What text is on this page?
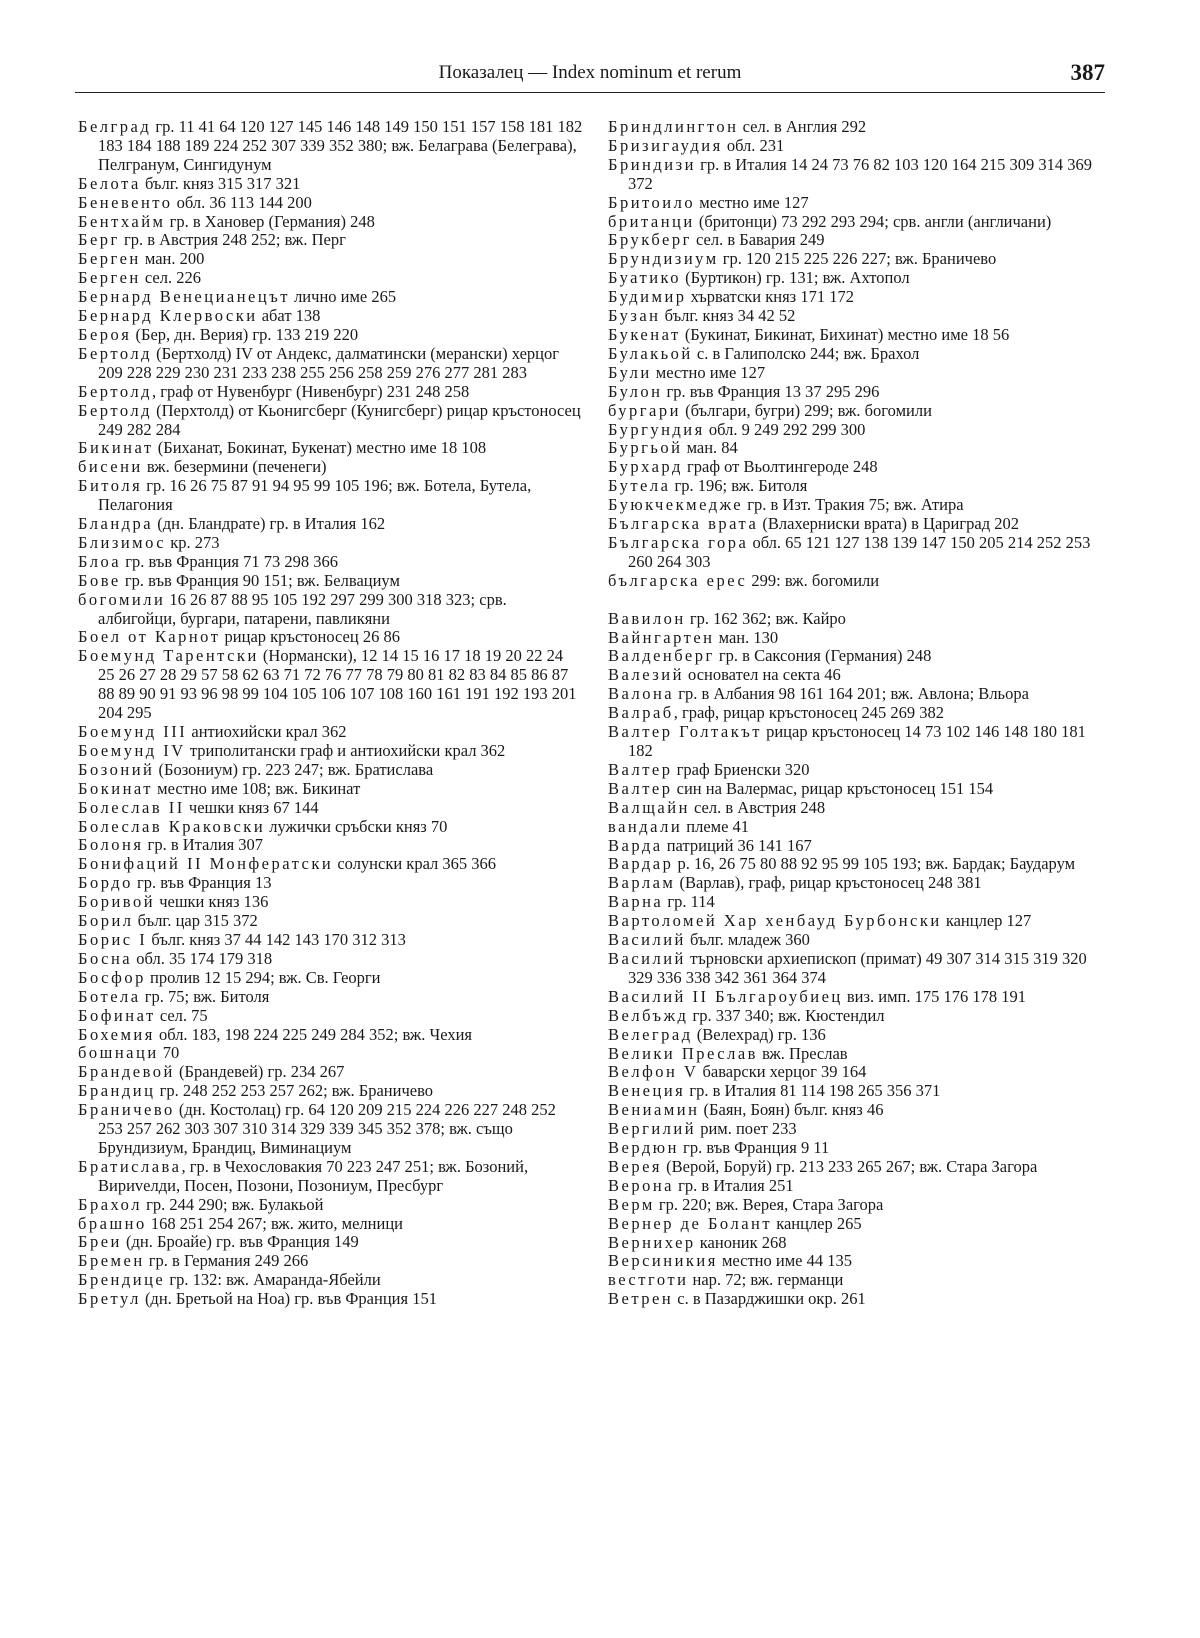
Показалец — Index nominum et rerum	387
Белград гр. 11 41 64 120 127 145 146 148 149 150 151 157 158 181 182 183 184 188 189 224 252 307 339 352 380; вж. Белаграва (Белеграва), Пелгранум, Сингидунум
Белота бълг. княз 315 317 321
Беневенто обл. 36 113 144 200
Бентхайм гр. в Хановер (Германия) 248
Берг гр. в Австрия 248 252; вж. Перг
Берген ман. 200
Берген сел. 226
Бернард Венецианецът лично име 265
Бернард Клервоски абат 138
Берoя (Бер, дн. Верия) гр. 133 219 220
Бертолд (Бертхолд) IV от Андекс, далматински (мерански) херцог 209 228 229 230 231 233 238 255 256 258 259 276 277 281 283
Бертолд, граф от Нувенбург (Нивенбург) 231 248 258
Бертолд (Перхтолд) от Кьонигсберг (Кунигсберг) рицар кръстоносец 249 282 284
Бикинат (Биханат, Бокинат, Букенат) местно име 18 108
бисени вж. безермини (печенеги)
Битоля гр. 16 26 75 87 91 94 95 99 105 196; вж. Ботела, Бутела, Пелагония
Бландра (дн. Бландрате) гр. в Италия 162
Близимос кр. 273
Блоа гр. във Франция 71 73 298 366
Бове гр. във Франция 90 151; вж. Белвациум
богомили 16 26 87 88 95 105 192 297 299 300 318 323; срв. албигойци, бургари, патарени, павликяни
Боел от Карнот рицар кръстоносец 26 86
Боемунд Тарентски (Нормански), 12 14 15 16 17 18 19 20 22 24 25 26 27 28 29 57 58 62 63 71 72 76 77 78 79 80 81 82 83 84 85 86 87 88 89 90 91 93 96 98 99 104 105 106 107 108 160 161 191 192 193 201 204 295
Боемунд III антиохийски крал 362
Боемунд IV триполитански граф и антиохийски крал 362
Бозоний (Бозониум) гр. 223 247; вж. Братислава
Бокинат местно име 108; вж. Бикинат
Болеслав II чешки княз 67 144
Болеслав Краковски лужички сръбски княз 70
Болоня гр. в Италия 307
Бонифаций II Монфератски солунски крал 365 366
Бордо гр. във Франция 13
Боривой чешки княз 136
Борил бълг. цар 315 372
Борис I бълг. княз 37 44 142 143 170 312 313
Босна обл. 35 174 179 318
Босфор пролив 12 15 294; вж. Св. Георги
Ботела гр. 75; вж. Битоля
Бофинат сел. 75
Бохемия обл. 183, 198 224 225 249 284 352; вж. Чехия
бошнаци 70
Брандевой (Брандевей) гр. 234 267
Брандиц гр. 248 252 253 257 262; вж. Браничево
Браничево (дн. Костолац) гр. 64 120 209 215 224 226 227 248 252 253 257 262 303 307 310 314 329 339 345 352 378; вж. също Брундизиум, Брандиц, Виминациум
Братислава, гр. в Чехословакия 70 223 247 251; вж. Бозоний, Вириvелди, Посен, Позони, Позониум, Пресбург
Брахол гр. 244 290; вж. Булакьой
брашно 168 251 254 267; вж. жито, мелници
Бреи (дн. Броайе) гр. във Франция 149
Бремен гр. в Германия 249 266
Брендице гр. 132: вж. Амаранда-Ябейли
Бретул (дн. Бретьой на Ноа) гр. във Франция 151
Бриндлингтон сел. в Англия 292
Бризигаудия обл. 231
Бриндизи гр. в Италия 14 24 73 76 82 103 120 164 215 309 314 369 372
Бритоило местно име 127
британци (бритонци) 73 292 293 294; срв. англи (англичани)
Брукберг сел. в Бавария 249
Брундизиум гр. 120 215 225 226 227; вж. Браничево
Буатико (Буртикон) гр. 131; вж. Ахтопол
Будимир хърватски княз 171 172
Бузан бълг. княз 34 42 52
Букенат (Букинат, Бикинат, Бихинат) местно име 18 56
Булакьой с. в Галиполско 244; вж. Брахол
Були местно име 127
Булон гр. във Франция 13 37 295 296
бургари (българи, бугри) 299; вж. богомили
Бургундия обл. 9 249 292 299 300
Бургьой ман. 84
Бурхард граф от Вьолтингероде 248
Бутела гр. 196; вж. Битоля
Буюкчекмедже гр. в Изт. Тракия 75; вж. Атира
Българска врата (Влахерниски врата) в Цариград 202
Българска гора обл. 65 121 127 138 139 147 150 205 214 252 253 260 264 303
българска ерес 299: вж. богомили
Вавилон гр. 162 362; вж. Кайро
Вайнгартен ман. 130
Валденберг гр. в Саксония (Германия) 248
Валезий основател на секта 46
Валона гр. в Албания 98 161 164 201; вж. Авлона; Вльора
Валраб, граф, рицар кръстоносец 245 269 382
Валтер Голтакът рицар кръстоносец 14 73 102 146 148 180 181 182
Валтер граф Бриенски 320
Валтер син на Валермас, рицар кръстоносец 151 154
Валщайн сел. в Австрия 248
вандали племе 41
Варда патриций 36 141 167
Вардар р. 16, 26 75 80 88 92 95 99 105 193; вж. Бардак; Баударум
Варлам (Варлав), граф, рицар кръстоносец 248 381
Варна гр. 114
Вартоломей Хар хенбауд Бурбонски канцлер 127
Василий бълг. младеж 360
Василий търновски архиепископ (примат) 49 307 314 315 319 320 329 336 338 342 361 364 374
Василий II Българоубиец виз. имп. 175 176 178 191
Велбъжд гр. 337 340; вж. Кюстендил
Велеград (Велехрад) гр. 136
Велики Преслав вж. Преслав
Велфон V баварски херцог 39 164
Венеция гр. в Италия 81 114 198 265 356 371
Вениамин (Баян, Боян) бълг. княз 46
Вергилий рим. поет 233
Вердюн гр. във Франция 9 11
Верея (Верой, Боруй) гр. 213 233 265 267; вж. Стара Загора
Верона гр. в Италия 251
Верм гр. 220; вж. Верея, Стара Загора
Вернер де Болант канцлер 265
Вернихер каноник 268
Версиникия местно име 44 135
вестготи нар. 72; вж. германци
Ветрен с. в Пазарджишки окр. 261
